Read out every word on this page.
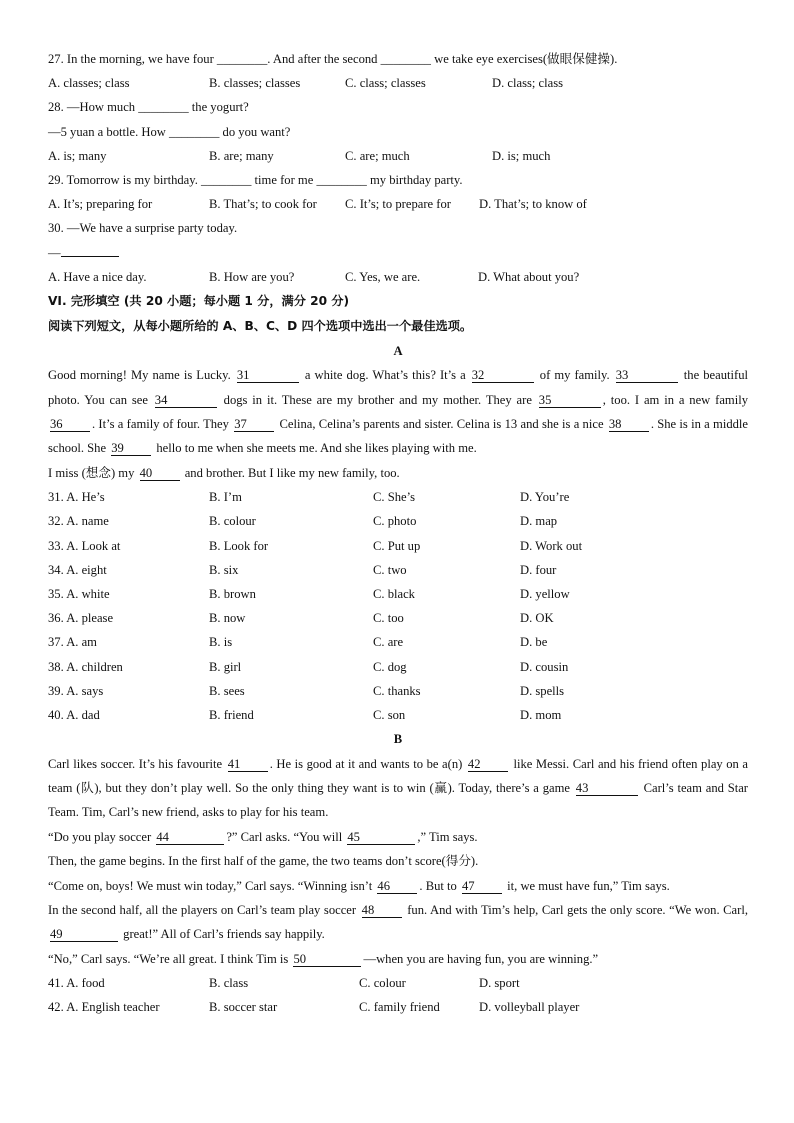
27. In the morning, we have four ________. And after the second ________ we take eye exercises(做眼保健操).
A. classes; class	B. classes; classes	C. class; classes	D. class; class
28. —How much ________ the yogurt?
—5 yuan a bottle. How ________ do you want?
A. is; many	B. are; many	C. are; much	D. is; much
29. Tomorrow is my birthday. ________ time for me ________ my birthday party.
A. It’s; preparing for	B. That’s; to cook for	C. It’s; to prepare for	D. That’s; to know of
30. —We have a surprise party today.
—
A. Have a nice day.	B. How are you?	C. Yes, we are.	D. What about you?
VI. 完形填空 (共 20 小题；每小题 1 分，满分 20 分)
阅读下列短文，从每小题所给的 A、B、C、D 四个选项中选出一个最佳选项。
A
Good morning! My name is Lucky. 31	a white dog. What’s this? It’s a 32	of my family. 33	the beautiful photo. You can see 34	dogs in it. These are my brother and my mother. They are 35	, too. I am in a new family 36 . It’s a family of four. They 37 Celina, Celina’s parents and sister. Celina is 13 and she is a nice 38 . She is in a middle school. She 39 hello to me when she meets me. And she likes playing with me.
I miss (想念) my 40 and brother. But I like my new family, too.
31. A. He’s	B. I’m	C. She’s	D. You’re
32. A. name	B. colour	C. photo	D. map
33. A. Look at	B. Look for	C. Put up	D. Work out
34. A. eight	B. six	C. two	D. four
35. A. white	B. brown	C. black	D. yellow
36. A. please	B. now	C. too	D. OK
37. A. am	B. is	C. are	D. be
38. A. children	B. girl	C. dog	D. cousin
39. A. says	B. sees	C. thanks	D. spells
40. A. dad	B. friend	C. son	D. mom
B
Carl likes soccer. It’s his favourite 41 . He is good at it and wants to be a(n) 42 like Messi. Carl and his friend often play on a team (队), but they don’t play well. So the only thing they want is to win (赢). Today, there’s a game 43	Carl’s team and Star Team. Tim, Carl’s new friend, asks to play for his team.
“Do you play soccer 44	?” Carl asks. “You will 45	,” Tim says.
Then, the game begins. In the first half of the game, the two teams don’t score(得分).
“Come on, boys! We must win today,” Carl says. “Winning isn’t 46 . But to 47 it, we must have fun,” Tim says.
In the second half, all the players on Carl’s team play soccer 48 fun. And with Tim’s help, Carl gets the only score. “We won. Carl, 49	great!” All of Carl’s friends say happily.
“No,” Carl says. “We’re all great. I think Tim is 50	—when you are having fun, you are winning.”
41. A. food	B. class	C. colour	D. sport
42. A. English teacher	B. soccer star	C. family friend	D. volleyball player
